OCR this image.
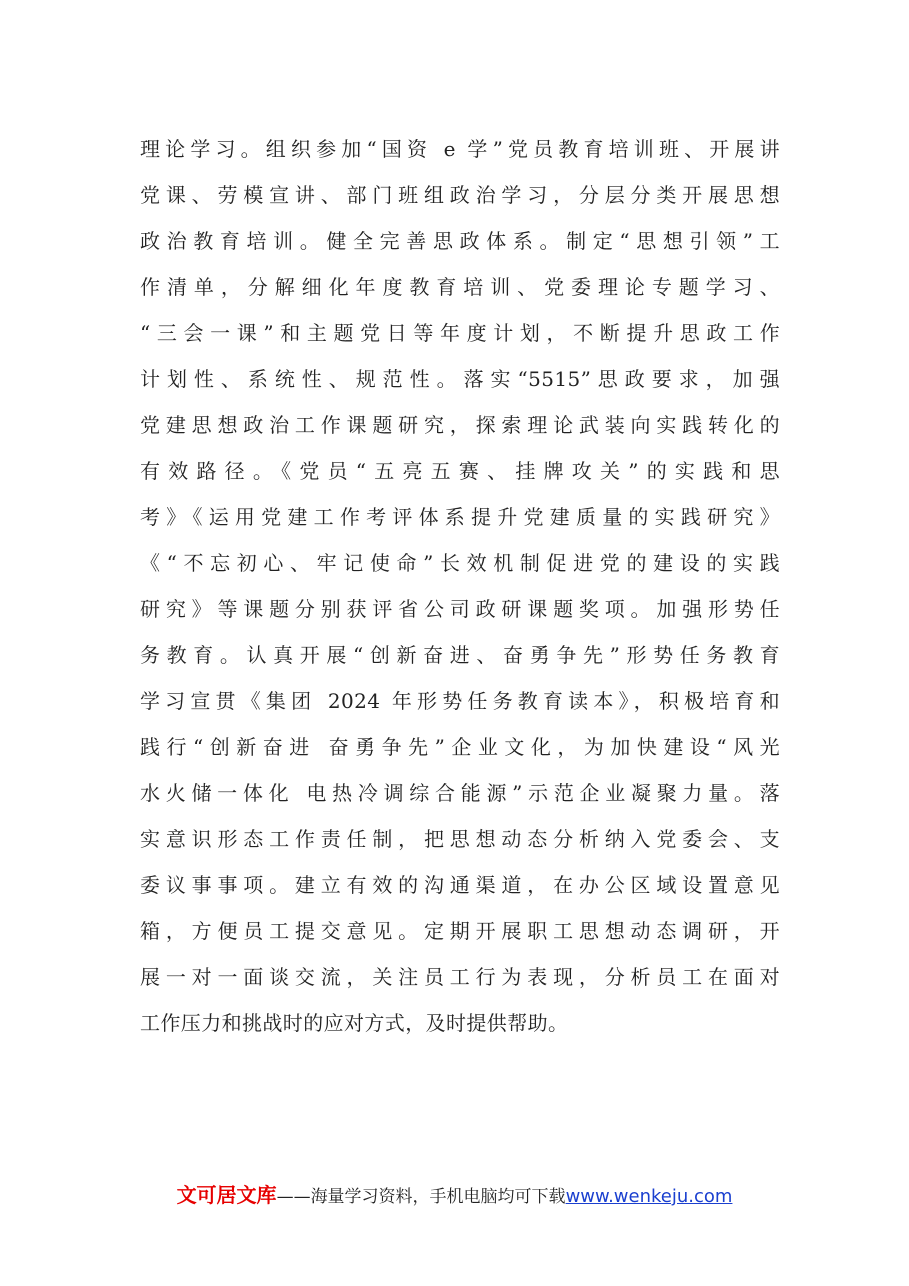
理论学习。组织参加“国资 e 学”党员教育培训班、开展讲
党课、劳模宣讲、部门班组政治学习，分层分类开展思想
政治教育培训。健全完善思政体系。制定“思想引领”工
作清单，分解细化年度教育培训、党委理论专题学习、
“三会一课”和主题党日等年度计划，不断提升思政工作
计划性、系统性、规范性。落实“5515”思政要求，加强
党建思想政治工作课题研究，探索理论武装向实践转化的
有效路径。《党员“五亮五赛、挂牌攻关”的实践和思
考》《运用党建工作考评体系提升党建质量的实践研究》
《“不忘初心、牢记使命”长效机制促进党的建设的实践
研究》等课题分别获评省公司政研课题奖项。加强形势任
务教育。认真开展“创新奋进、奋勇争先”形势任务教育
学习宣贯《集团 2024 年形势任务教育读本》，积极培育和
践行“创新奋进 奋勇争先”企业文化，为加快建设“风光
水火储一体化 电热冷调综合能源”示范企业凝聚力量。落
实意识形态工作责任制，把思想动态分析纳入党委会、支
委议事事项。建立有效的沟通渠道，在办公区域设置意见
箱，方便员工提交意见。定期开展职工思想动态调研，开
展一对一面谈交流，关注员工行为表现，分析员工在面对
工作压力和挑战时的应对方式，及时提供帮助。
文可居文库——海量学习资料，手机电脑均可下载www.wenkeju.com
